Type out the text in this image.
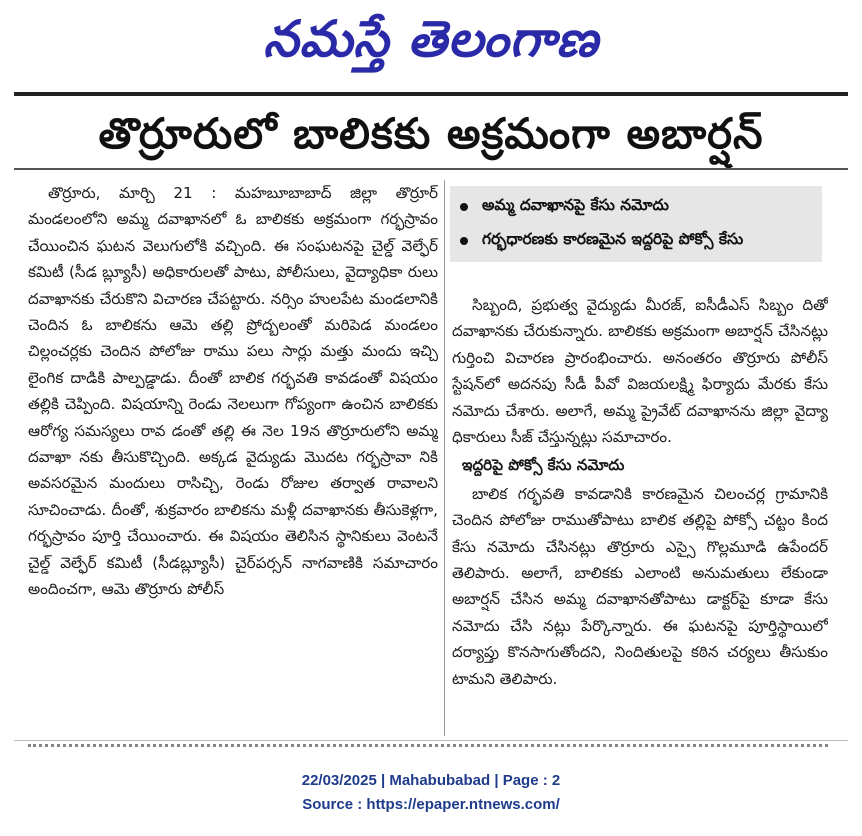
నమస్తే తెలంగాణ
తొర్రూరులో బాలికకు అక్రమంగా అబార్షన్

తొర్రూరు, మార్చి 21 : మహబూబాబాద్ జిల్లా తొర్రూర్ మండలంలోని అమ్మ దవాఖానలో ఓ బాలికకు అక్రమంగా గర్భస్రావం చేయించిన ఘటన వెలుగులోకి వచ్చింది. ఈ సంఘటనపై చైల్డ్ వెల్ఫేర్ కమిటీ (సీడ బ్ల్యూసీ) అధికారులతో పాటు, పోలీసులు, వైద్యాధికా రులు దవాఖానకు చేరుకొని విచారణ చేపట్టారు. నర్సిం హులపేట మండలానికి చెందిన ఓ బాలికను ఆమె తల్లి ప్రోద్బలంతో మరిపెడ మండలం చిల్లంచర్లకు చెందిన పోలోజు రాము పలు సార్లు మత్తు మందు ఇచ్చి లైంగిక దాడికి పాల్పడ్డాడు. దీంతో బాలిక గర్భవతి కావడంతో విషయం తల్లికి చెప్పింది. విషయాన్ని రెండు నెలలుగా గోప్యంగా ఉంచిన బాలికకు ఆరోగ్య సమస్యలు రావ డంతో తల్లి ఈ నెల 19న తొర్రూరులోని అమ్మ దవాఖా నకు తీసుకొచ్చింది. అక్కడ వైద్యుడు మొదట గర్భస్రావా నికి అవసరమైన మందులు రాసిచ్చి, రెండు రోజుల తర్వాత రావాలని సూచించాడు. దీంతో, శుక్రవారం బాలికను మళ్లీ దవాఖానకు తీసుకెళ్లగా, గర్భస్రావం పూర్తి చేయించారు. ఈ విషయం తెలిసిన స్థానికులు వెంటనే చైల్డ్ వెల్ఫేర్ కమిటీ (సీడబ్ల్యూసీ) చైర్‌పర్సన్ నాగవాణికి సమాచారం అందించగా, ఆమె తొర్రూరు పోలీస్

అమ్మ దవాఖానపై కేసు నమోదు
గర్భధారణకు కారణమైన ఇద్దరిపై పోక్సో కేసు

సిబ్బంది, ప్రభుత్వ వైద్యుడు మీరజ్, ఐసీడీఎస్ సిబ్బం దితో దవాఖానకు చేరుకున్నారు. బాలికకు అక్రమంగా అబార్షన్ చేసినట్లు గుర్తించి విచారణ ప్రారంభించారు. అనంతరం తొర్రూరు పోలీస్ స్టేషన్‌లో అదనపు సీడీ పీవో విజయలక్ష్మి ఫిర్యాదు మేరకు కేసు నమోదు చేశారు. అలాగే, అమ్మ ప్రైవేట్ దవాఖానను జిల్లా వైద్యా ధికారులు సీజ్ చేస్తున్నట్లు సమాచారం.

ఇద్దరిపై పోక్సో కేసు నమోదు

బాలిక గర్భవతి కావడానికి కారణమైన చిలంచర్ల గ్రామానికి చెందిన పోలోజు రాముతోపాటు బాలిక తల్లిపై పోక్సో చట్టం కింద కేసు నమోదు చేసినట్లు తొర్రూరు ఎస్సై గొల్లమూడి ఉపేందర్ తెలిపారు. అలాగే, బాలికకు ఎలాంటి అనుమతులు లేకుండా అబార్షన్ చేసిన అమ్మ దవాఖానతోపాటు డాక్టర్‌పై కూడా కేసు నమోదు చేసి నట్లు పేర్కొన్నారు. ఈ ఘటనపై పూర్తిస్థాయిలో దర్యాప్తు కొనసాగుతోందని, నిందితులపై కఠిన చర్యలు తీసుకుం టామని తెలిపారు.

22/03/2025 | Mahabubabad | Page : 2
Source : https://epaper.ntnews.com/
